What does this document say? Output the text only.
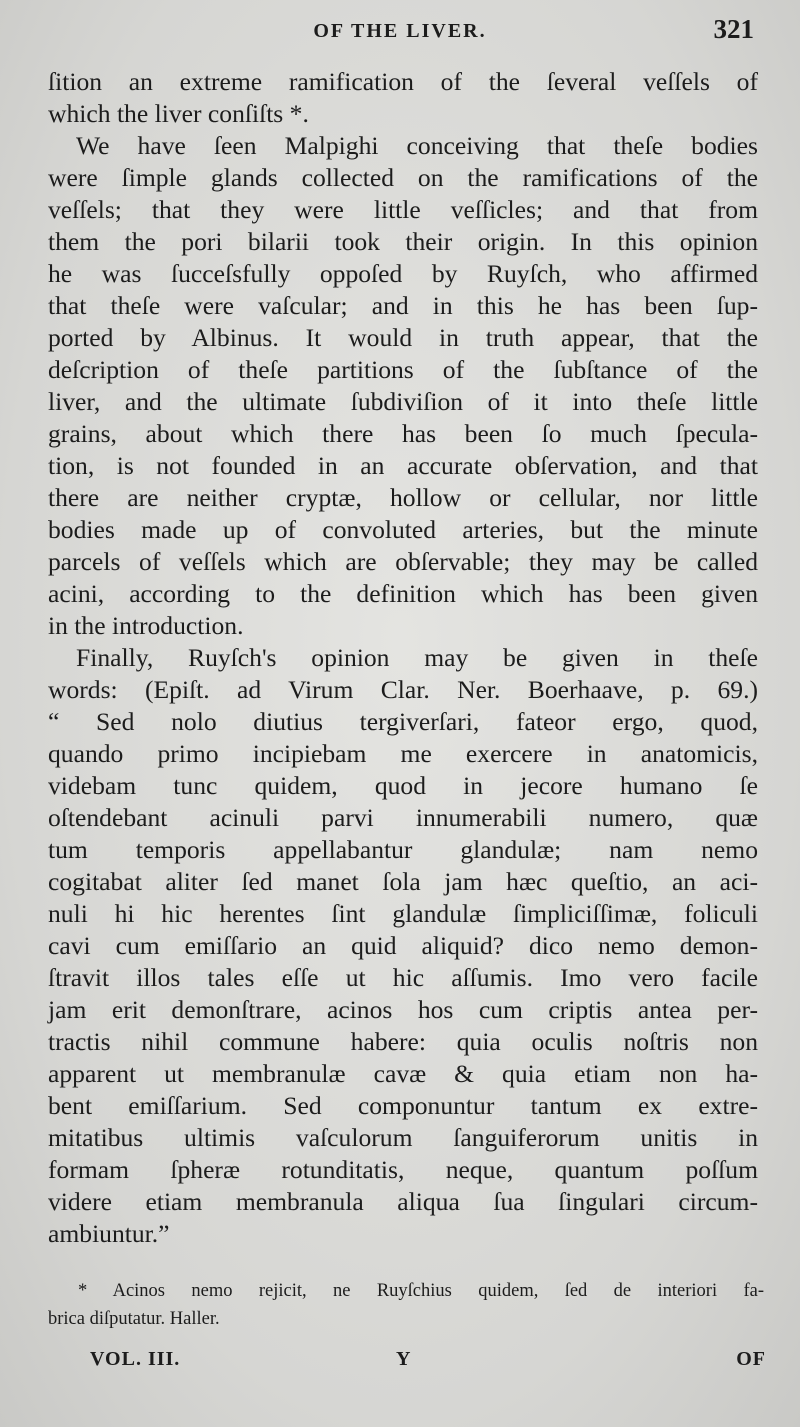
OF THE LIVER.	321
ſition an extreme ramification of the ſeveral veſſels of
which the liver conſiſts *.
We have ſeen Malpighi conceiving that theſe bodies
were ſimple glands collected on the ramifications of the
veſſels; that they were little veſſicles; and that from
them the pori bilarii took their origin. In this opinion
he was ſucceſsfully oppoſed by Ruyſch, who affirmed
that theſe were vaſcular; and in this he has been ſup-
ported by Albinus. It would in truth appear, that the
deſcription of theſe partitions of the ſubſtance of the
liver, and the ultimate ſubdiviſion of it into theſe little
grains, about which there has been ſo much ſpecula-
tion, is not founded in an accurate obſervation, and that
there are neither cryptæ, hollow or cellular, nor little
bodies made up of convoluted arteries, but the minute
parcels of veſſels which are obſervable; they may be called
acini, according to the definition which has been given
in the introduction.
Finally, Ruyſch's opinion may be given in theſe
words: (Epiſt. ad Virum Clar. Ner. Boerhaave, p. 69.)
“ Sed nolo diutius tergiverſari, fateor ergo, quod,
quando primo incipiebam me exercere in anatomicis,
videbam tunc quidem, quod in jecore humano ſe
oſtendebant acinuli parvi innumerabili numero, quæ
tum temporis appellabantur glandulæ; nam nemo
cogitabat aliter ſed manet ſola jam hæc queſtio, an aci-
nuli hi hic herentes ſint glandulæ ſimpliciſſimæ, foliculi
cavi cum emiſſario an quid aliquid? dico nemo demon-
ſtravit illos tales eſſe ut hic aſſumis. Imo vero facile
jam erit demonſtrare, acinos hos cum criptis antea per-
tractis nihil commune habere: quia oculis noſtris non
apparent ut membranulæ cavæ & quia etiam non ha-
bent emiſſarium. Sed componuntur tantum ex extre-
mitatibus ultimis vaſculorum ſanguiferorum unitis in
formam ſpheræ rotunditatis, neque, quantum poſſum
videre etiam membranula aliqua ſua ſingulari circum-
ambiuntur.”
* Acinos nemo rejicit, ne Ruyſchius quidem, ſed de interiori fa-
brica diſputatur. Haller.
VOL. III.	Y	OF
